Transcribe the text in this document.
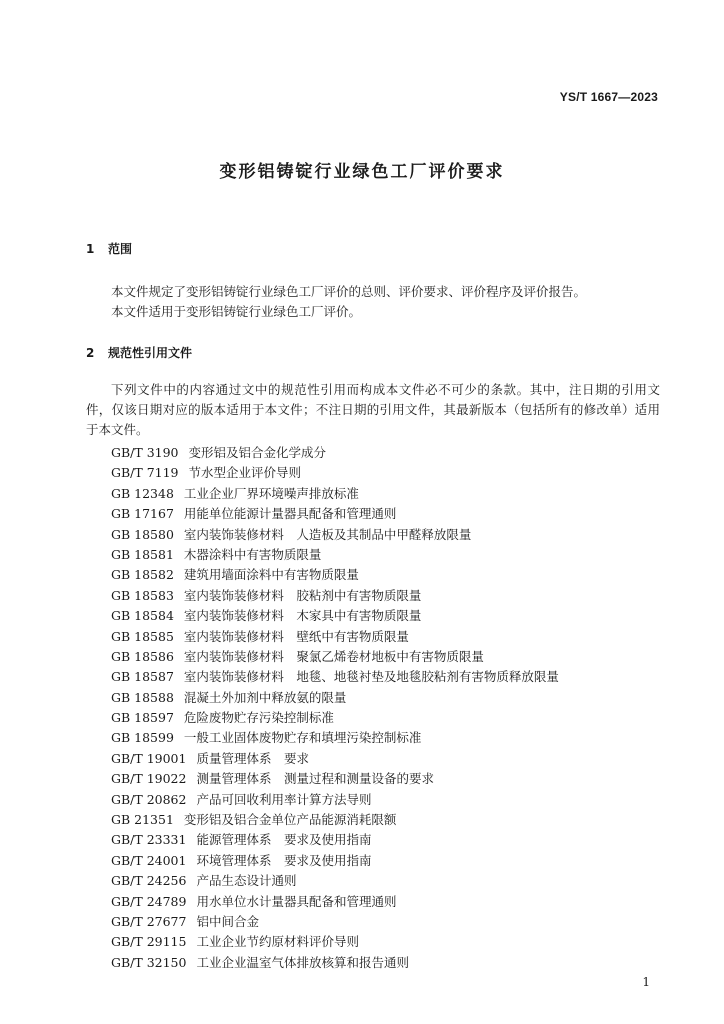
YS/T 1667—2023
变形铝铸锭行业绿色工厂评价要求
1 范围

本文件规定了变形铝铸锭行业绿色工厂评价的总则、评价要求、评价程序及评价报告。

本文件适用于变形铝铸锭行业绿色工厂评价。

2 规范性引用文件

下列文件中的内容通过文中的规范性引用而构成本文件必不可少的条款。其中，注日期的引用文件，仅该日期对应的版本适用于本文件；不注日期的引用文件，其最新版本（包括所有的修改单）适用于本文件。

GB/T 3190 变形铝及铝合金化学成分
GB/T 7119 节水型企业评价导则
GB 12348 工业企业厂界环境噪声排放标准
GB 17167 用能单位能源计量器具配备和管理通则
GB 18580 室内装饰装修材料　人造板及其制品中甲醛释放限量
GB 18581 木器涂料中有害物质限量
GB 18582 建筑用墙面涂料中有害物质限量
GB 18583 室内装饰装修材料　胶粘剂中有害物质限量
GB 18584 室内装饰装修材料　木家具中有害物质限量
GB 18585 室内装饰装修材料　壁纸中有害物质限量
GB 18586 室内装饰装修材料　聚氯乙烯卷材地板中有害物质限量
GB 18587 室内装饰装修材料　地毯、地毯衬垫及地毯胶粘剂有害物质释放限量
GB 18588 混凝土外加剂中释放氨的限量
GB 18597 危险废物贮存污染控制标准
GB 18599 一般工业固体废物贮存和填埋污染控制标准
GB/T 19001 质量管理体系　要求
GB/T 19022 测量管理体系　测量过程和测量设备的要求
GB/T 20862 产品可回收利用率计算方法导则
GB 21351 变形铝及铝合金单位产品能源消耗限额
GB/T 23331 能源管理体系　要求及使用指南
GB/T 24001 环境管理体系　要求及使用指南
GB/T 24256 产品生态设计通则
GB/T 24789 用水单位水计量器具配备和管理通则
GB/T 27677 铝中间合金
GB/T 29115 工业企业节约原材料评价导则
GB/T 32150 工业企业温室气体排放核算和报告通则
1
